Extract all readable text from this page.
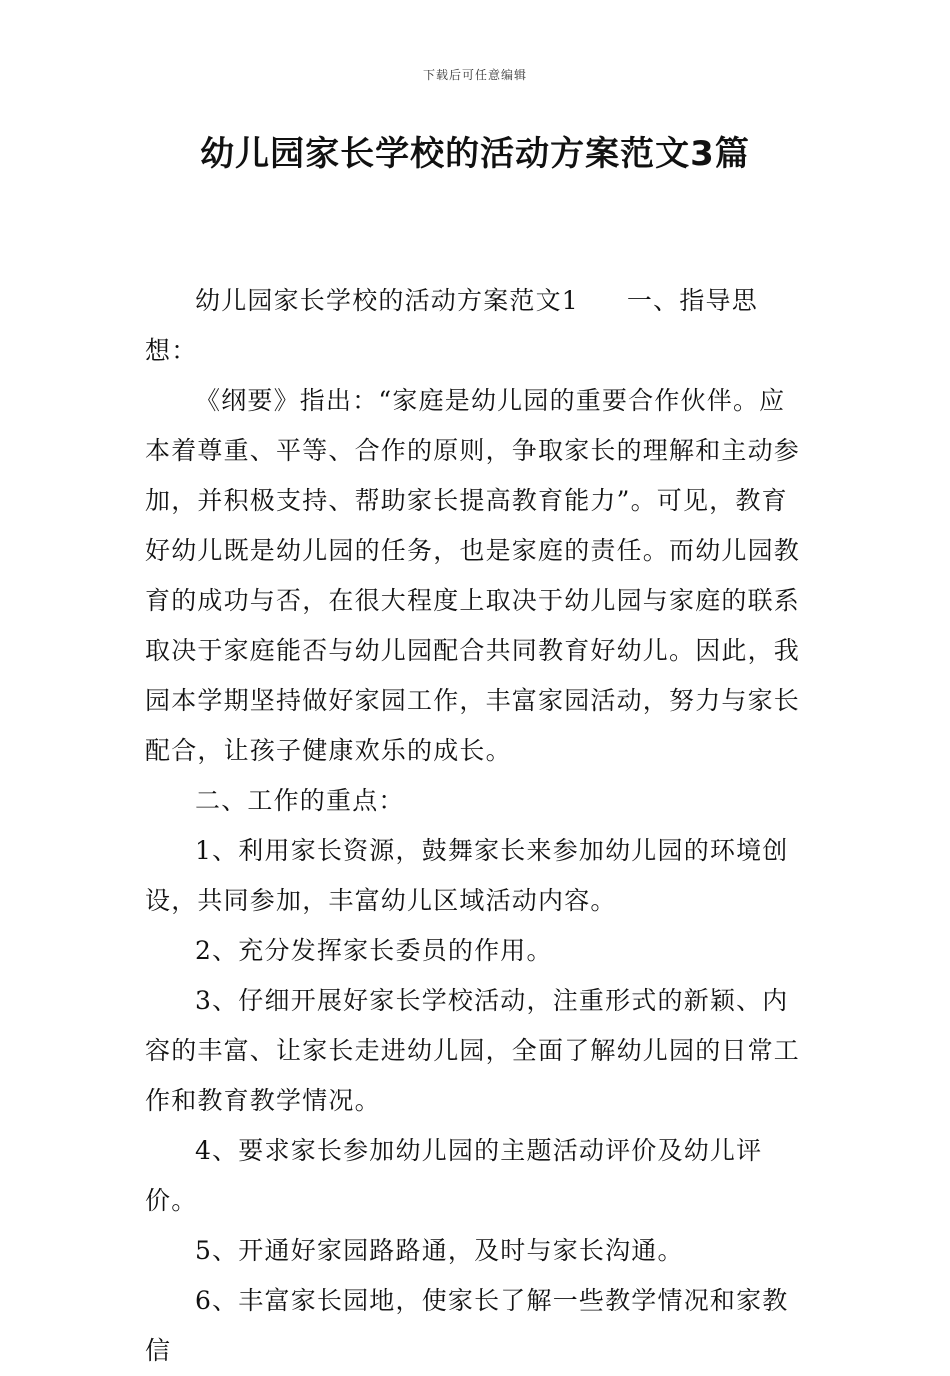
下载后可任意编辑
幼儿园家长学校的活动方案范文3篇

幼儿园家长学校的活动方案范文1 一、指导思想：

《纲要》指出：“家庭是幼儿园的重要合作伙伴。应本着尊重、平等、合作的原则，争取家长的理解和主动参加，并积极支持、帮助家长提高教育能力”。可见，教育好幼儿既是幼儿园的任务，也是家庭的责任。而幼儿园教育的成功与否，在很大程度上取决于幼儿园与家庭的联系取决于家庭能否与幼儿园配合共同教育好幼儿。因此，我园本学期坚持做好家园工作，丰富家园活动，努力与家长配合，让孩子健康欢乐的成长。

二、工作的重点：

1、利用家长资源，鼓舞家长来参加幼儿园的环境创设，共同参加，丰富幼儿区域活动内容。

2、充分发挥家长委员的作用。

3、仔细开展好家长学校活动，注重形式的新颖、内容的丰富、让家长走进幼儿园，全面了解幼儿园的日常工作和教育教学情况。

4、要求家长参加幼儿园的主题活动评价及幼儿评价。

5、开通好家园路路通，及时与家长沟通。

6、丰富家长园地，使家长了解一些教学情况和家教信
